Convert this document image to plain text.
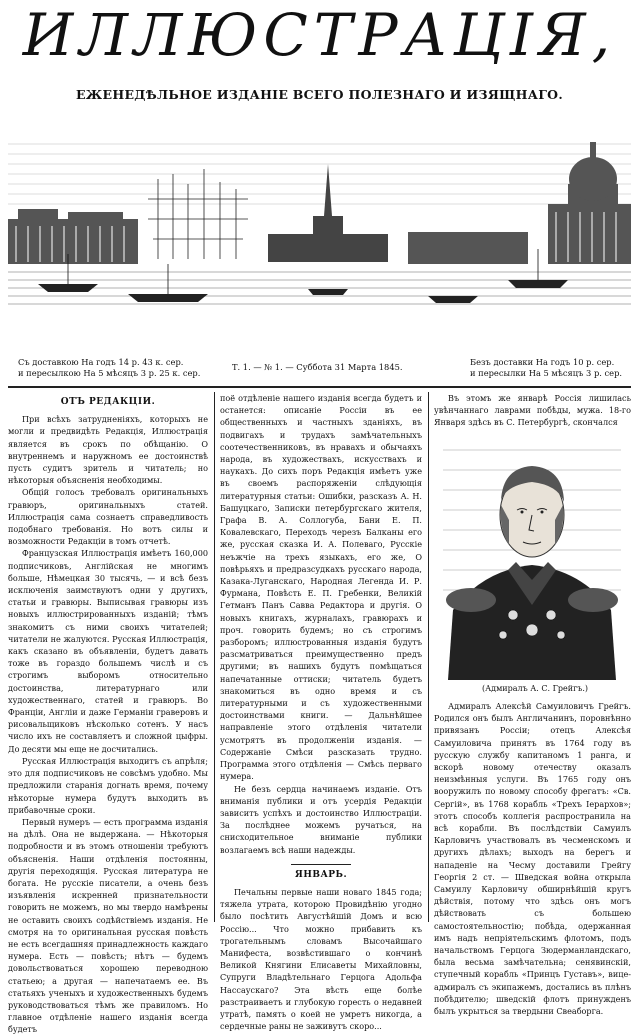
ИЛЛЮСТРАЦІЯ,
ЕЖЕНЕДѢЛЬНОЕ ИЗДАНІЕ ВСЕГО ПОЛЕЗНАГО И ИЗЯЩНАГО.
Съ доставкою На годъ 14 р. 43 к. сер.
и пересылкою На 5 мѣсяцъ 3 р. 25 к. сер.
Т. 1. — № 1. — Суббота 31 Марта 1845.	Безъ доставки На годъ 10 р. сер.
и пересылки На 5 мѣсяцъ 3 р. сер.
ОТЪ РЕДАКЦІИ.

При всѣхъ затрудненіяхъ, которыхъ не могли и предвидѣть Редакція, Иллюстрація является въ срокъ по обѣщанію. О внутреннемъ и наружномъ ее достоинствѣ пусть судитъ зритель и читатель; но нѣкоторыя объясненія необходимы.

Общій голосъ требовалъ оригинальныхъ гравюръ, оригинальныхъ статей. Иллюстрація сама сознаетъ справедливость подобнаго требованія. Но вотъ силы и возможности Редакціи в томъ отчетѣ.

Французская Иллюстрація имѣетъ 160,000 подписчиковъ, Англійская не многимъ больше, Нѣмецкая 30 тысячь, — и всѣ безъ исключенія заимствуютъ одни у другихъ, статьи и гравюры. Выписывая гравюры изъ новыхъ иллюстрированныхъ изданій; тѣмъ знакомитъ съ ними своихъ читателей; читатели не жалуются. Русская Иллюстрація, какъ сказано въ объявленіи, будетъ давать тоже въ гораздо большемъ числѣ и съ строгимъ выборомъ относительно достоинства, литературнаго или художественнаго, статей и гравюръ. Во Франціи, Англіи и даже Германіи граверовъ и рисовальщиковъ нѣсколько сотенъ. У насъ число ихъ не составляетъ и сложной цыфры. До десяти мы еще не досчитались.

Русская Иллюстрація выходитъ съ апрѣля; это для подписчиковъ не совсѣмъ удобно. Мы предложили старанія догнать время, почему нѣкоторые нумера будутъ выходить въ прибавочные сроки.

Первый нумеръ — есть программа изданія на дѣлѣ. Она не выдержана. — Нѣкоторыя подробности и въ этомъ отношеніи требуютъ объясненія. Наши отдѣленія постоянны, другія переходящія. Русская литература не богата. Не русскіе писатели, а очень безъ изъявленія искренней признательности говорить не можемъ, но мы твердо намѣрены не оставить своихъ содѣйствіемъ изданія. Не смотря на то оригинальная русская повѣсть не есть всегдашняя принадлежность каждаго нумера. Есть — повѣсть; нѣтъ — будемъ довольствоваться хорошею переводною статьею; а другая — напечатаемъ ее. Въ статьяхъ ученыхъ и художественныхъ будемъ руководствоваться тѣмъ же правиломъ. Но главное отдѣленіе нашего изданія всегда будетъ

поё отдѣленіе нашего изданія всегда будетъ и останется: описаніе Россіи въ ее общественныхъ и частныхъ зданіяхъ, въ подвигахъ и трудахъ замѣчательныхъ соотечественниковъ, въ нравахъ и обычаяхъ народа, въ художествахъ, искусствахъ и наукахъ. До сихъ поръ Редакція имѣетъ уже въ своемъ распоряженіи слѣдующія литературныя статьи: Ошибки, разсказъ А. Н. Башуцкаго, Записки петербургскаго жителя, Графа В. А. Соллогуба, Бани Е. П. Ковалевскаго, Переходъ черезъ Балканы его же, русская сказка И. А. Полеваго, Русскіе неъжчіе на трехъ языкахъ, его же, О повѣрьяхъ и предразсудкахъ русскаго народа, Казака-Луганскаго, Народная Легенда И. Р. Фурмана, Повѣсть Е. П. Гребенки, Великій Гетманъ Панъ Савва Редактора и другія. О новыхъ книгахъ, журналахъ, гравюрахъ и проч. говорить будемъ; но съ строгимъ разборомъ; иллюстрованныя изданія будутъ разсматриваться преимущественно предъ другими; въ нашихъ будутъ помѣщаться напечатанные оттиски; читатель будетъ знакомиться въ одно время и съ литературными и съ художественными достоинствами книги. — Дальнѣйшее направленіе этого отдѣленія читатели усмотрятъ въ продолженіи изданія. — Содержаніе Смѣси разсказать трудно. Программа этого отдѣленія — Смѣсь перваго нумера.

Не безъ сердца начинаемъ изданіе. Отъ вниманія публики и отъ усердія Редакціи зависитъ успѣхъ и достоинство Иллюстраціи. За послѣднее можемъ ручаться, на снисходительное вниманіе публики возлагаемъ всѣ наши надежды.

ЯНВАРЬ.

Печальны первые наши новаго 1845 года; тяжела утрата, которою Провидѣнію угодно было посѣтить Августѣйшій Домъ и всю Россію... Что можно прибавить къ трогательнымъ словамъ Высочайшаго Манифеста, возвѣстившаго о кончинѣ Великой Княгини Елисаветы Михайловны, Супруги Владѣтельнаго Герцога Адольфа Нассаускаго? Эта вѣсть еще болѣе разстраиваетъ и глубокую горесть о недавней утратѣ, память о коей не умретъ никогда, а сердечные раны не заживутъ скоро...

Въ этомъ же январѣ Россія лишилась увѣнчаннаго лаврами побѣды, мужа. 18-го Января здѣсь въ С. Петербургѣ, скончался

(Адмиралъ А. С. Грейгъ.)

Адмиралъ Алексѣй Самуиловичъ Грейгъ. Родился онъ былъ Англичанинъ, поровнѣнно привязанъ Россіи; отецъ Алексѣя Самуиловича принятъ въ 1764 году въ русскую службу капитаномъ 1 ранга, и вскорѣ новому отечеству оказалъ неизмѣнныя услуги. Въ 1765 году онъ вооружилъ по новому способу фрегатъ: «Св. Сергій», въ 1768 корабль «Трехъ Іерархов»; этотъ способъ коллегія распространила на всѣ корабли. Въ послѣдствіи Самуилъ Карловичъ участвовалъ въ чесменскомъ и другихъ дѣлахъ; выходъ на берегъ и нападеніе на Чесму доставили Грейгу Георгія 2 ст. — Шведская война открыла Самуилу Карловичу обширнѣйшій кругъ дѣйствія, потому что здѣсь онъ могъ дѣйствовать съ большею самостоятельностію; побѣда, одержанная имъ надъ непріятельскимъ флотомъ, подъ начальствомъ Герцога Зюдерманландскаго, была весьма замѣчательна; сенявинскій, ступечный корабль «Принцъ Густавъ», вице-адмиралъ съ экипажемъ, достались въ плѣнъ побѣдителю; шведскій флотъ принужденъ былъ укрыться за твердыни Свеаборга.
